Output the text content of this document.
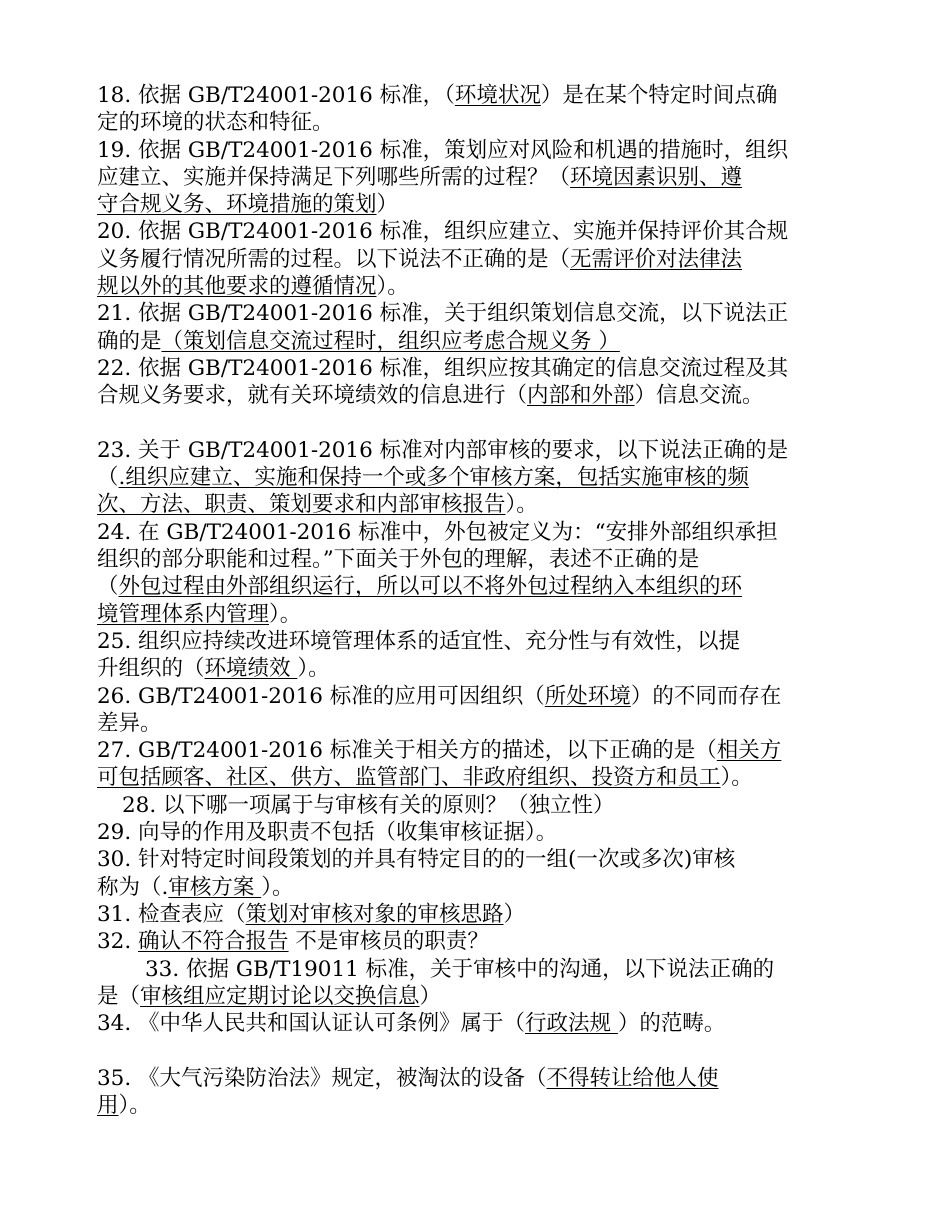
18. 依据 GB/T24001-2016 标准，（环境状况）是在某个特定时间点确
定的环境的状态和特征。
19. 依据 GB/T24001-2016 标准，策划应对风险和机遇的措施时，组织
应建立、实施并保持满足下列哪些所需的过程？（环境因素识别、遵
守合规义务、环境措施的策划）
20. 依据 GB/T24001-2016 标准，组织应建立、实施并保持评价其合规
义务履行情况所需的过程。以下说法不正确的是（无需评价对法律法
规以外的其他要求的遵循情况）。
21. 依据 GB/T24001-2016 标准，关于组织策划信息交流，以下说法正
确的是（策划信息交流过程时，组织应考虑合规义务 ）
22. 依据 GB/T24001-2016 标准，组织应按其确定的信息交流过程及其
合规义务要求，就有关环境绩效的信息进行（内部和外部）信息交流。
23. 关于 GB/T24001-2016 标准对内部审核的要求，以下说法正确的是
（.组织应建立、实施和保持一个或多个审核方案，包括实施审核的频
次、方法、职责、策划要求和内部审核报告）。
24. 在 GB/T24001-2016 标准中，外包被定义为：“安排外部组织承担
组织的部分职能和过程。”下面关于外包的理解，表述不正确的是
（外包过程由外部组织运行，所以可以不将外包过程纳入本组织的环
境管理体系内管理）。
25. 组织应持续改进环境管理体系的适宜性、充分性与有效性，以提
升组织的（环境绩效 ）。
26. GB/T24001-2016 标准的应用可因组织（所处环境）的不同而存在
差异。
27. GB/T24001-2016 标准关于相关方的描述，以下正确的是（相关方
可包括顾客、社区、供方、监管部门、非政府组织、投资方和员工）。
28. 以下哪一项属于与审核有关的原则？（独立性）
29. 向导的作用及职责不包括（收集审核证据）。
30. 针对特定时间段策划的并具有特定目的的一组(一次或多次)审核
称为（.审核方案 ）。
31. 检查表应（策划对审核对象的审核思路）
32. 确认不符合报告 不是审核员的职责？
33. 依据 GB/T19011 标准，关于审核中的沟通，以下说法正确的
是（审核组应定期讨论以交换信息）
34. 《中华人民共和国认证认可条例》属于（行政法规 ）的范畴。
35. 《大气污染防治法》规定，被淘汰的设备（不得转让给他人使
用）。
